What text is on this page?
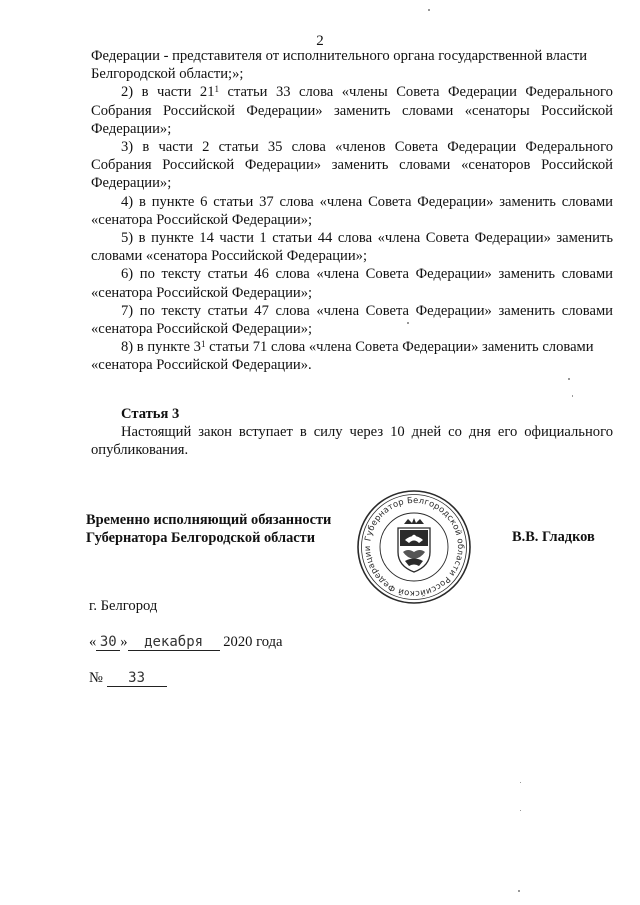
2

Федерации - представителя от исполнительного органа государственной власти
Белгородской области;»;

2) в части $21^1$ статьи 33 слова «члены Совета Федерации Федерального Собрания Российской Федерации» заменить словами «сенаторы Российской Федерации»;

3) в части 2 статьи 35 слова «членов Совета Федерации Федерального Собрания Российской Федерации» заменить словами «сенаторов Российской Федерации»;

4) в пункте 6 статьи 37 слова «члена Совета Федерации» заменить словами «сенатора Российской Федерации»;

5) в пункте 14 части 1 статьи 44 слова «члена Совета Федерации» заменить словами «сенатора Российской Федерации»;

6) по тексту статьи 46 слова «члена Совета Федерации» заменить словами «сенатора Российской Федерации»;

7) по тексту статьи 47 слова «члена Совета Федерации» заменить словами «сенатора Российской Федерации»;

8) в пункте $3^1$ статьи 71 слова «члена Совета Федерации» заменить словами «сенатора Российской Федерации».

Статья 3

Настоящий закон вступает в силу через 10 дней со дня его официального опубликования.

Временно исполняющий обязанности
Губернатора Белгородской области	Губернатор Белгородской области Российской Федерации
В.В. Гладков
г. Белгород
« 30 » декабря 2020 года
№ 33
